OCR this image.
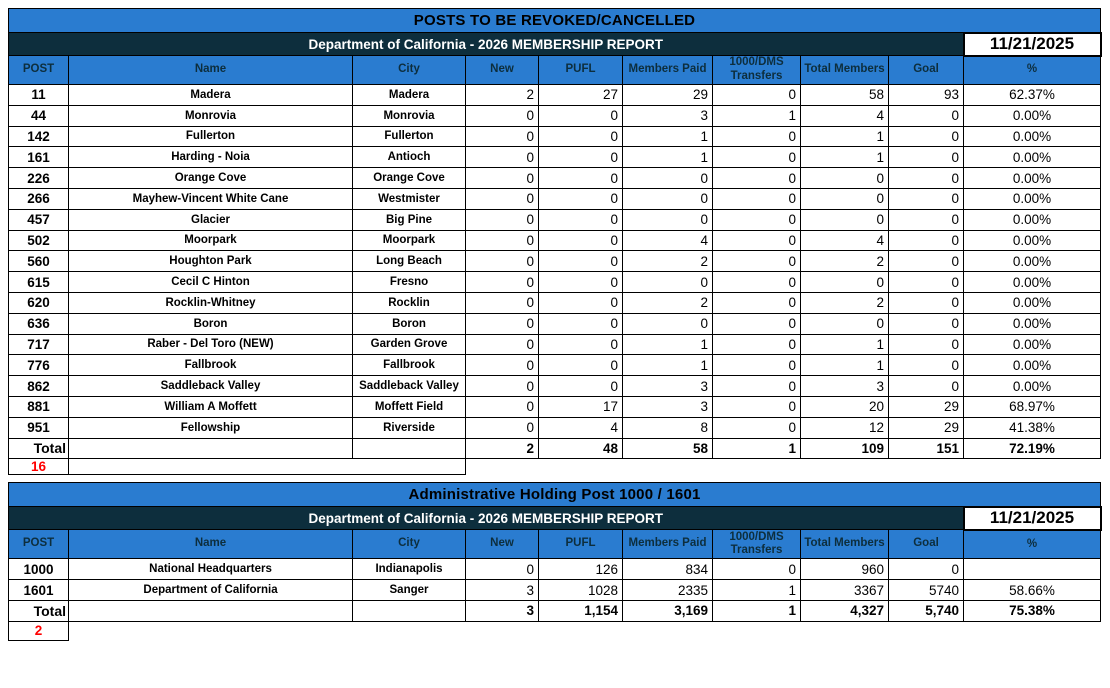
POSTS TO BE REVOKED/CANCELLED									
Department of California - 2026 MEMBERSHIP REPORT									11/21/2025
POST	Name	City	New	PUFL	Members Paid	1000/DMS Transfers	Total Members	Goal	%
11	Madera	Madera	2	27	29	0	58	93	62.37%
44	Monrovia	Monrovia	0	0	3	1	4	0	0.00%
142	Fullerton	Fullerton	0	0	1	0	1	0	0.00%
161	Harding - Noia	Antioch	0	0	1	0	1	0	0.00%
226	Orange Cove	Orange Cove	0	0	0	0	0	0	0.00%
266	Mayhew-Vincent White Cane	Westmister	0	0	0	0	0	0	0.00%
457	Glacier	Big Pine	0	0	0	0	0	0	0.00%
502	Moorpark	Moorpark	0	0	4	0	4	0	0.00%
560	Houghton Park	Long Beach	0	0	2	0	2	0	0.00%
615	Cecil C Hinton	Fresno	0	0	0	0	0	0	0.00%
620	Rocklin-Whitney	Rocklin	0	0	2	0	2	0	0.00%
636	Boron	Boron	0	0	0	0	0	0	0.00%
717	Raber - Del Toro (NEW)	Garden Grove	0	0	1	0	1	0	0.00%
776	Fallbrook	Fallbrook	0	0	1	0	1	0	0.00%
862	Saddleback Valley	Saddleback Valley	0	0	3	0	3	0	0.00%
881	William A Moffett	Moffett Field	0	17	3	0	20	29	68.97%
951	Fellowship	Riverside	0	4	8	0	12	29	41.38%
Total			2	48	58	1	109	151	72.19%
16									
Administrative Holding Post 1000 / 1601									
Department of California - 2026 MEMBERSHIP REPORT									11/21/2025
POST	Name	City	New	PUFL	Members Paid	1000/DMS Transfers	Total Members	Goal	%
1000	National Headquarters	Indianapolis	0	126	834	0	960	0	
1601	Department of California	Sanger	3	1028	2335	1	3367	5740	58.66%
Total			3	1,154	3,169	1	4,327	5,740	75.38%
2								
